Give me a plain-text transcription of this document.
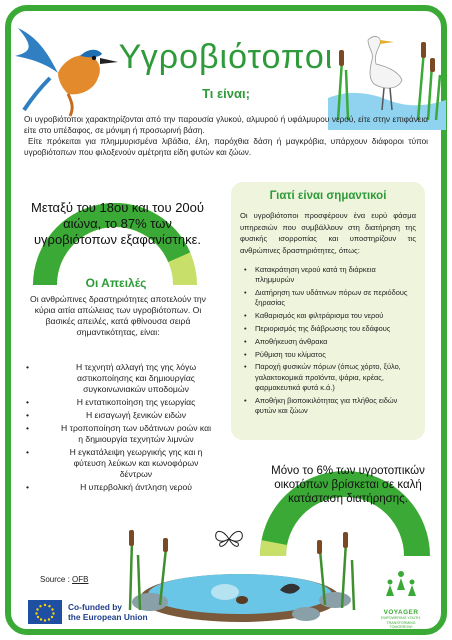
Υγροβιότοποι
Τι είναι;

Οι υγροβιότοποι χαρακτηρίζονται από την παρουσία γλυκού, αλμυρού ή υφάλμυρου νερού, είτε στην επιφάνεια είτε στο υπέδαφος, σε μόνιμη ή προσωρινή βάση.

Είτε πρόκειται για πλημμυρισμένα λιβάδια, έλη, παρόχθια δάση ή μαγκρόβια, υπάρχουν διάφοροι τύποι υγροβιότοπων που φιλοξενούν αμέτρητα είδη φυτών και ζώων.

Μεταξύ του 18ου και του 20ού αιώνα, το 87% των υγροβιότοπων εξαφανίστηκε.
Οι Απειλές
Οι ανθρώπινες δραστηριότητες αποτελούν την κύρια αιτία απώλειας των υγροβιότοπων. Οι βασικές απειλές, κατά φθίνουσα σειρά σημαντικότητας, είναι:
• Η τεχνητή αλλαγή της γης λόγω αστικοποίησης και δημιουργίας συγκοινωνιακών υποδομών
• Η εντατικοποίηση της γεωργίας
• Η εισαγωγή ξενικών ειδών
• Η τροποποίηση των υδάτινων ροών και η δημιουργία τεχνητών λιμνών
• Η εγκατάλειψη γεωργικής γης και η φύτευση λεύκων και κωνοφόρων δέντρων
• Η υπερβολική άντληση νερού
Γιατί είναι σημαντικοί
Οι υγροβιότοποι προσφέρουν ένα ευρύ φάσμα υπηρεσιών που συμβάλλουν στη διατήρηση της φυσικής ισορροπίας και υποστηρίζουν τις ανθρώπινες δραστηριότητες, όπως:
• Κατακράτηση νερού κατά τη διάρκεια πλημμυρών
• Διατήρηση των υδάτινων πόρων σε περιόδους ξηρασίας
• Καθαρισμός και φιλτράρισμα του νερού
• Περιορισμός της διάβρωσης του εδάφους
• Αποθήκευση άνθρακα
• Ρύθμιση του κλίματος
• Παροχή φυσικών πόρων (όπως χόρτο, ξύλο, γαλακτοκομικά προϊόντα, ψάρια, κρέας, φαρμακευτικά φυτά κ.ά.)
• Αποθήκη βιοποικιλότητας για πλήθος ειδών φυτών και ζώων
Μόνο το 6% των υγροτοπικών οικοτόπων βρίσκεται σε καλή κατάσταση διατήρησης.
Source : OFB
Co-funded by
the European Union	VOYAGER
EMPOWERING YOUTH,
TRANSFORMING
TOMORROW!
